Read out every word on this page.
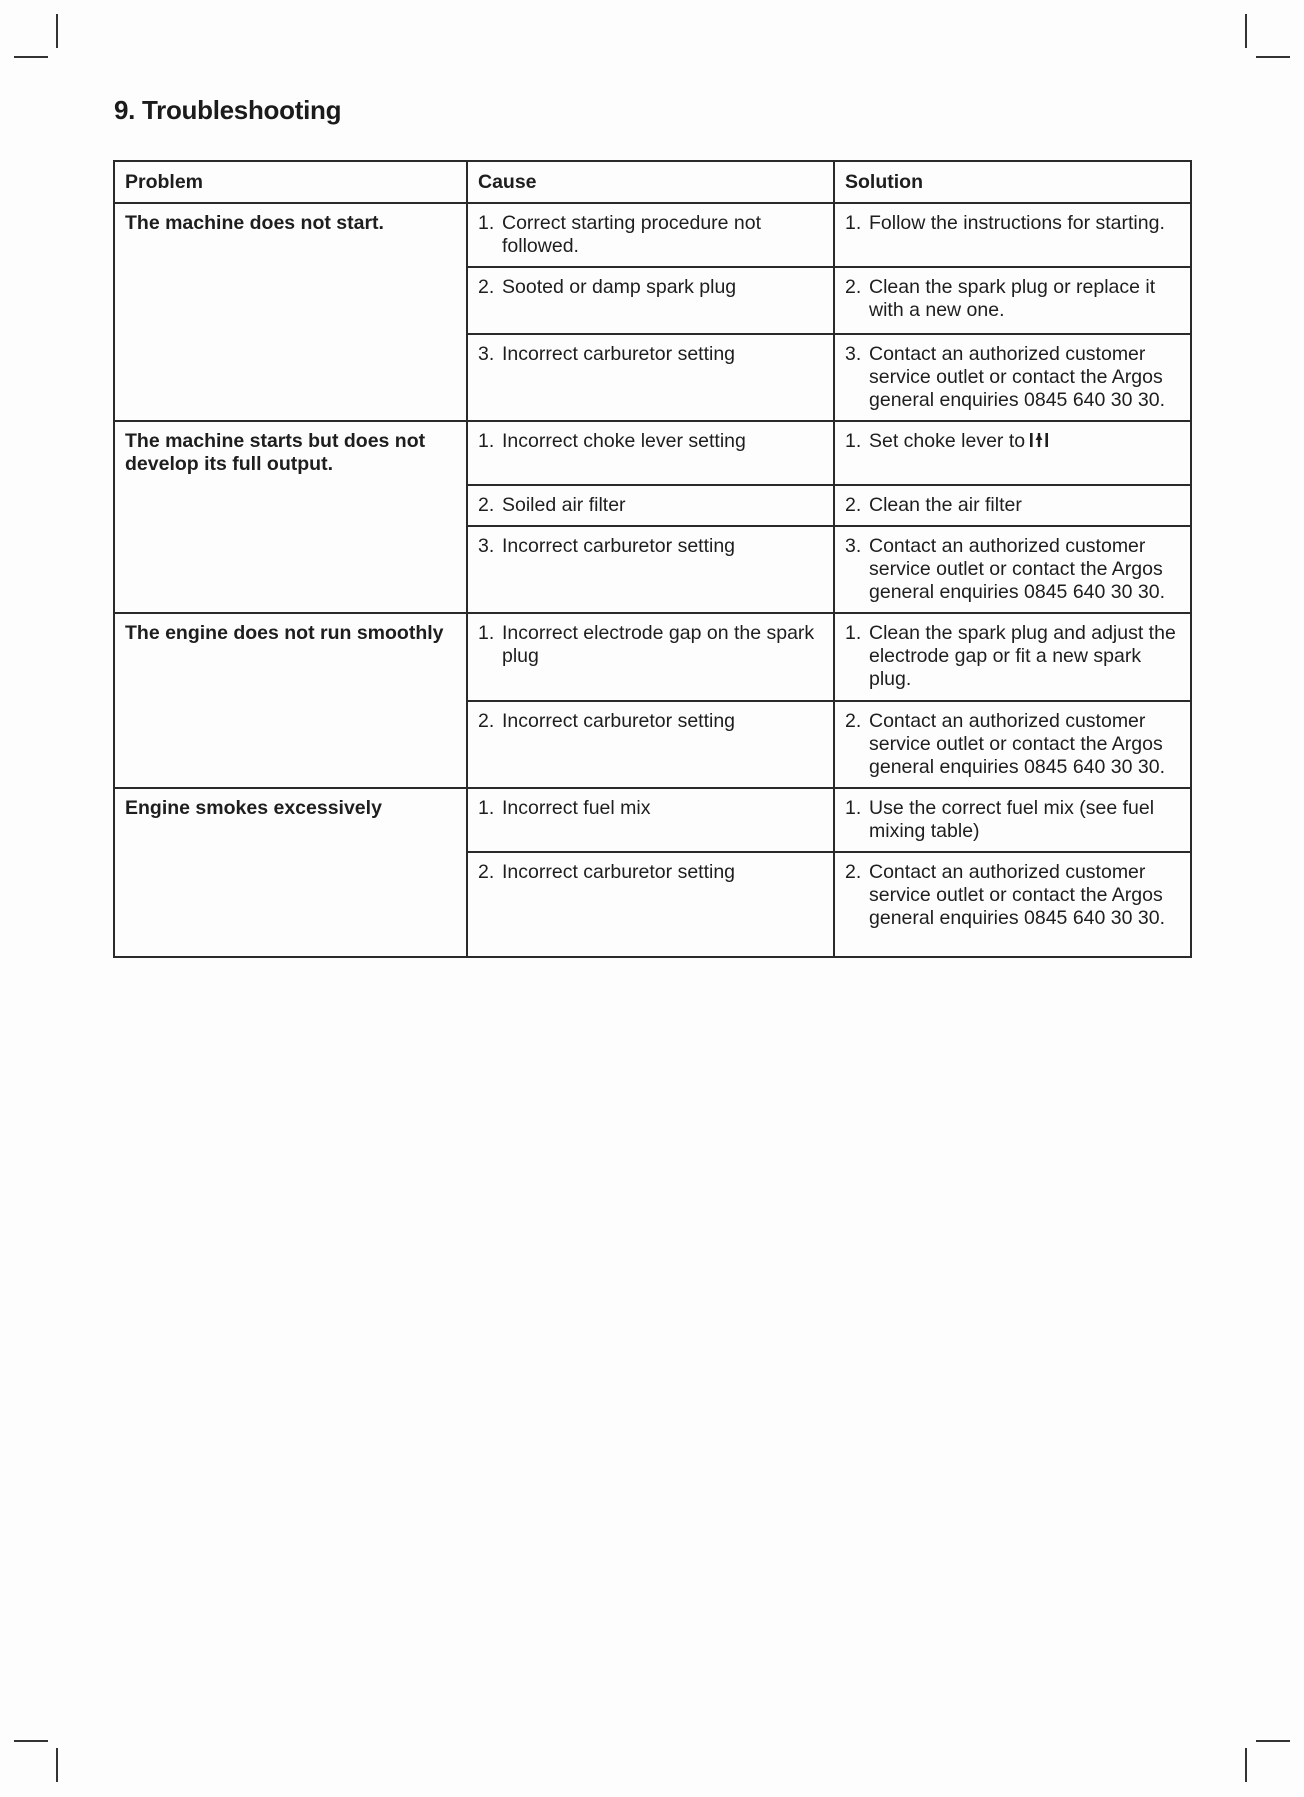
9. Troubleshooting
Problem	Cause	Solution
The machine does not start.	1. Correct starting procedure not followed.	1. Follow the instructions for starting.

	2. Sooted or damp spark plug	2. Clean the spark plug or replace it with a new one.

	3. Incorrect carburetor setting	3. Contact an authorized customer service outlet or contact the Argos general enquiries 0845 640 30 30.

The machine starts but does not develop its full output.	1. Incorrect choke lever setting	1. Set choke lever to

	2. Soiled air filter	2. Clean the air filter

	3. Incorrect carburetor setting	3. Contact an authorized customer service outlet or contact the Argos general enquiries 0845 640 30 30.

The engine does not run smoothly	1. Incorrect electrode gap on the spark plug	1. Clean the spark plug and adjust the electrode gap or fit a new spark plug.

	2. Incorrect carburetor setting	2. Contact an authorized customer service outlet or contact the Argos general enquiries 0845 640 30 30.

Engine smokes excessively	1. Incorrect fuel mix	1. Use the correct fuel mix (see fuel mixing table)

	2. Incorrect carburetor setting	2. Contact an authorized customer service outlet or contact the Argos general enquiries 0845 640 30 30.
